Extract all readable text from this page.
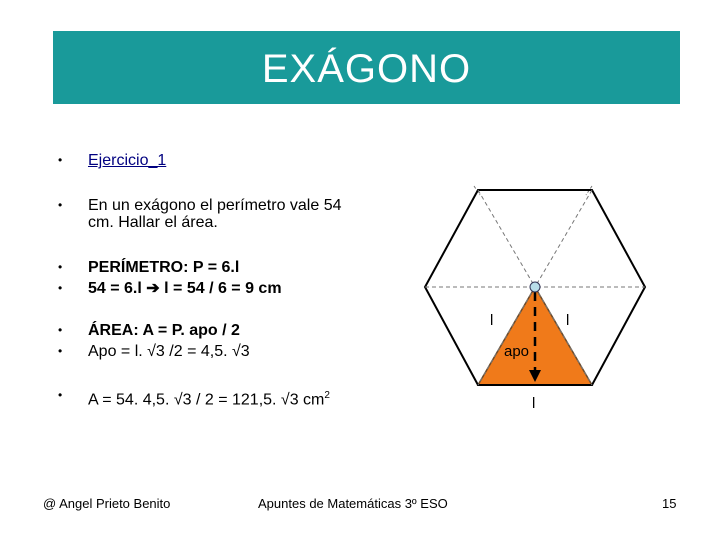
EXÁGONO
•	Ejercicio_1
•	En un exágono el perímetro vale 54
cm. Hallar el área.
•	PERÍMETRO: P = 6.l
•	54 = 6.l ➔ l = 54 / 6 = 9 cm
•	ÁREA: A = P. apo / 2
•	Apo = l. √3 /2 = 4,5. √3
•	A = 54. 4,5. √3 / 2 = 121,5. √3 $cm^2$
l	l
apo
l
@ Angel Prieto Benito	Apuntes de Matemáticas 3º ESO	15
